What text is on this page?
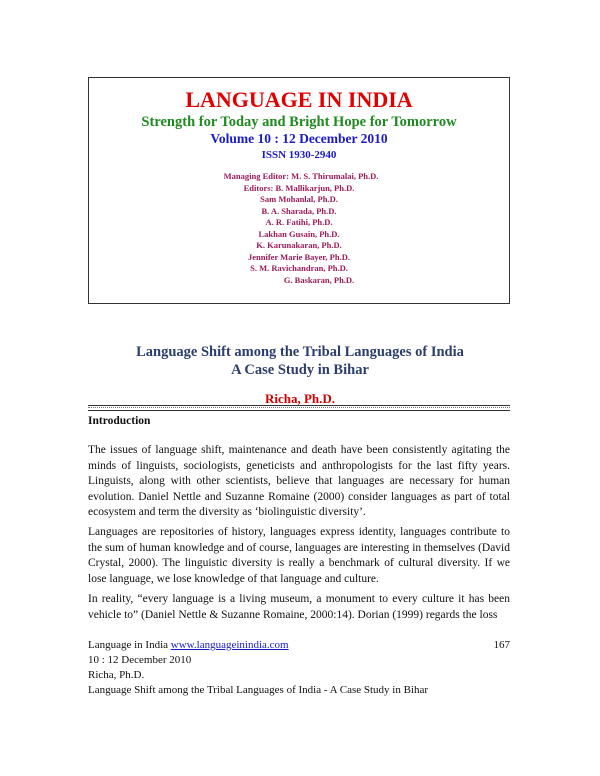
LANGUAGE IN INDIA
Strength for Today and Bright Hope for Tomorrow
Volume 10 : 12 December 2010
ISSN 1930-2940
Managing Editor: M. S. Thirumalai, Ph.D.
Editors: B. Mallikarjun, Ph.D.
Sam Mohanlal, Ph.D.
B. A. Sharada, Ph.D.
A. R. Fatihi, Ph.D.
Lakhan Gusain, Ph.D.
K. Karunakaran, Ph.D.
Jennifer Marie Bayer, Ph.D.
S. M. Ravichandran, Ph.D.
G. Baskaran, Ph.D.
Language Shift among the Tribal Languages of India
A Case Study in Bihar
Richa, Ph.D.
Introduction

The issues of language shift, maintenance and death have been consistently agitating the minds of linguists, sociologists, geneticists and anthropologists for the last fifty years. Linguists, along with other scientists, believe that languages are necessary for human evolution. Daniel Nettle and Suzanne Romaine (2000) consider languages as part of total ecosystem and term the diversity as ‘biolinguistic diversity’.

Languages are repositories of history, languages express identity, languages contribute to the sum of human knowledge and of course, languages are interesting in themselves (David Crystal, 2000). The linguistic diversity is really a benchmark of cultural diversity. If we lose language, we lose knowledge of that language and culture.

In reality, “every language is a living museum, a monument to every culture it has been vehicle to” (Daniel Nettle & Suzanne Romaine, 2000:14). Dorian (1999) regards the loss

Language in India www.languageinindia.com	167
10 : 12 December 2010
Richa, Ph.D.
Language Shift among the Tribal Languages of India - A Case Study in Bihar
